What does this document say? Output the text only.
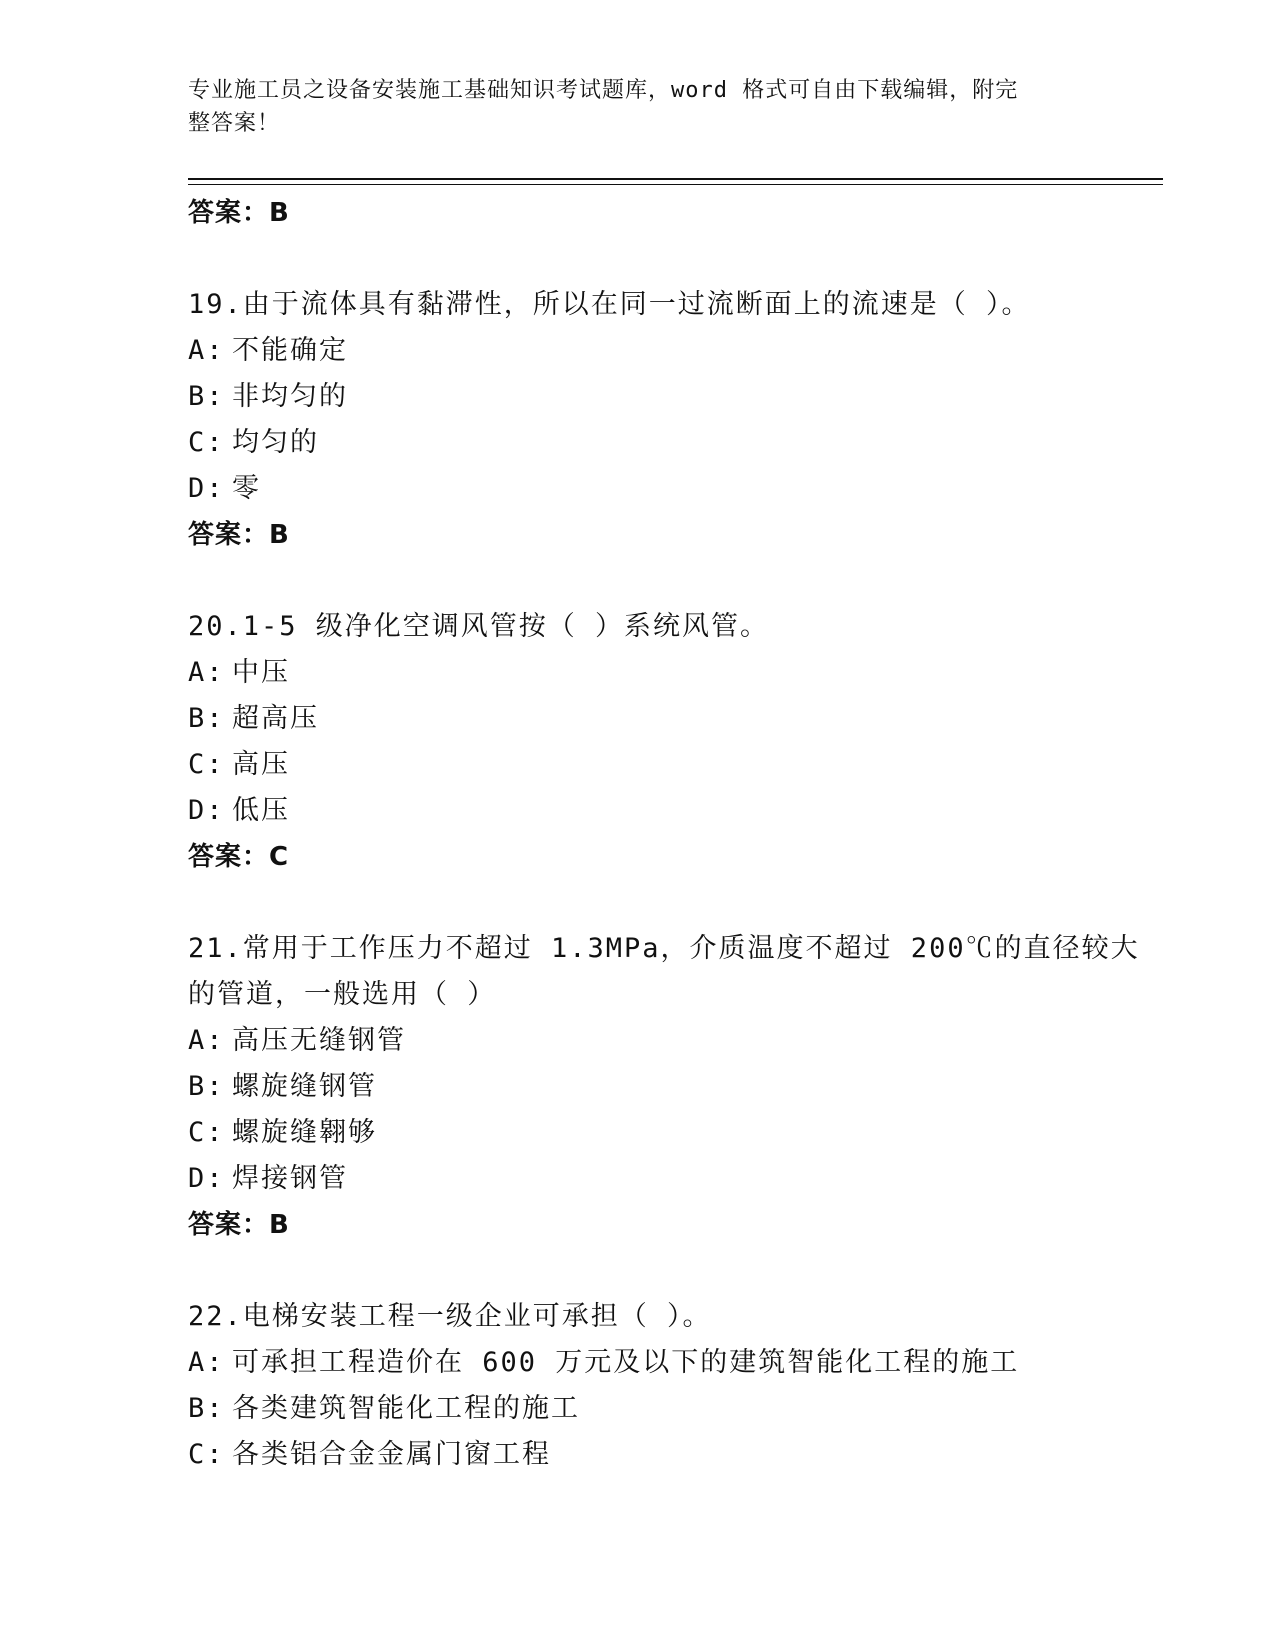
专业施工员之设备安装施工基础知识考试题库，word 格式可自由下载编辑，附完
整答案！
答案：B
19.由于流体具有黏滞性，所以在同一过流断面上的流速是（ ）。
A: 不能确定
B: 非均匀的
C: 均匀的
D: 零
答案：B
20.1-5 级净化空调风管按（ ）系统风管。
A: 中压
B: 超高压
C: 高压
D: 低压
答案：C
21.常用于工作压力不超过 1.3MPa，介质温度不超过 200℃的直径较大
的管道，一般选用（ ）
A: 高压无缝钢管
B: 螺旋缝钢管
C: 螺旋缝翱够
D: 焊接钢管
答案：B
22.电梯安装工程一级企业可承担（ ）。
A: 可承担工程造价在 600 万元及以下的建筑智能化工程的施工
B: 各类建筑智能化工程的施工
C: 各类铝合金金属门窗工程
